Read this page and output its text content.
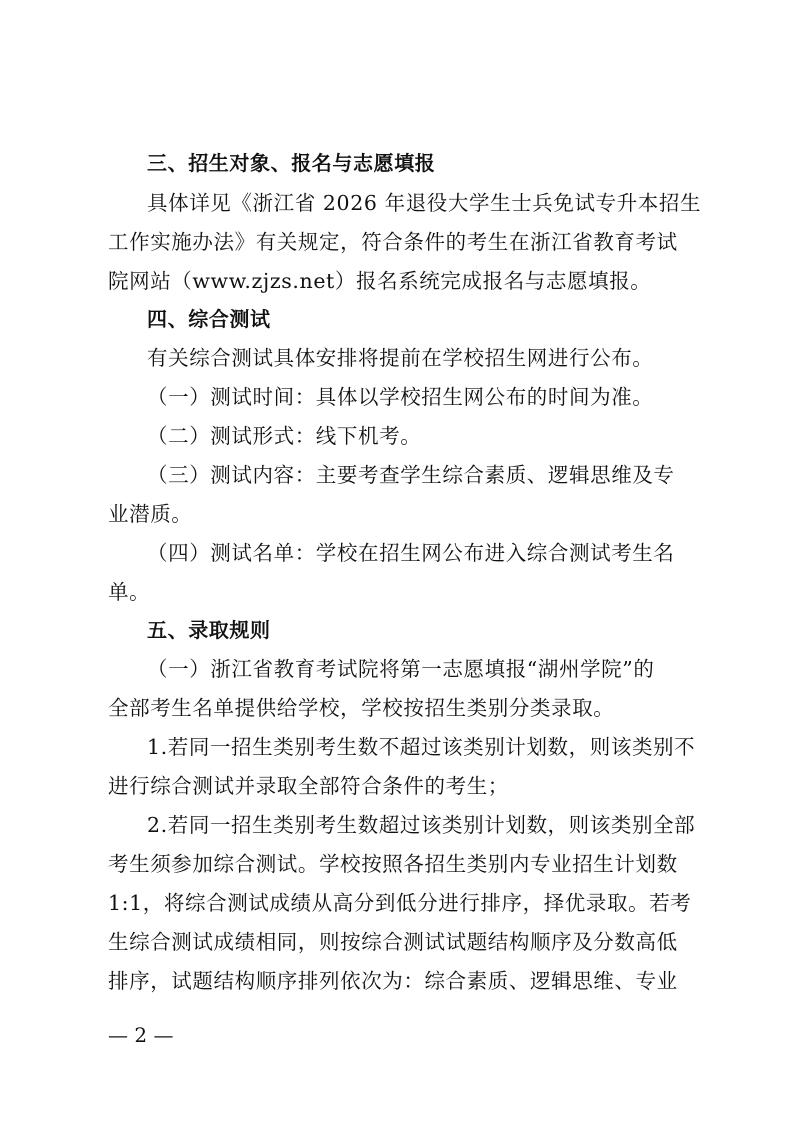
三、招生对象、报名与志愿填报
具体详见《浙江省 2026 年退役大学生士兵免试专升本招生
工作实施办法》有关规定，符合条件的考生在浙江省教育考试
院网站（www.zjzs.net）报名系统完成报名与志愿填报。
四、综合测试
有关综合测试具体安排将提前在学校招生网进行公布。
（一）测试时间：具体以学校招生网公布的时间为准。
（二）测试形式：线下机考。
（三）测试内容：主要考查学生综合素质、逻辑思维及专
业潜质。
（四）测试名单：学校在招生网公布进入综合测试考生名
单。
五、录取规则
（一）浙江省教育考试院将第一志愿填报“湖州学院”的
全部考生名单提供给学校，学校按招生类别分类录取。
1.若同一招生类别考生数不超过该类别计划数，则该类别不
进行综合测试并录取全部符合条件的考生；
2.若同一招生类别考生数超过该类别计划数，则该类别全部
考生须参加综合测试。学校按照各招生类别内专业招生计划数
1:1，将综合测试成绩从高分到低分进行排序，择优录取。若考
生综合测试成绩相同，则按综合测试试题结构顺序及分数高低
排序，试题结构顺序排列依次为：综合素质、逻辑思维、专业
— 2 —
